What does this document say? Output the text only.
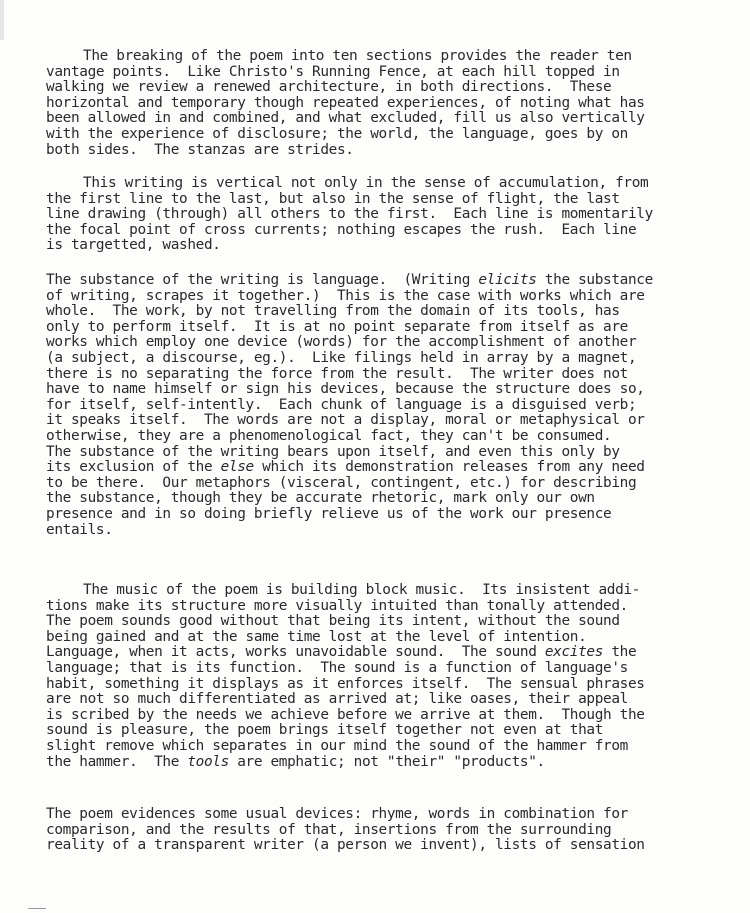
The breaking of the poem into ten sections provides the reader ten
vantage points.  Like Christo's Running Fence, at each hill topped in
walking we review a renewed architecture, in both directions.  These
horizontal and temporary though repeated experiences, of noting what has
been allowed in and combined, and what excluded, fill us also vertically
with the experience of disclosure; the world, the language, goes by on
both sides.  The stanzas are strides.
This writing is vertical not only in the sense of accumulation, from
the first line to the last, but also in the sense of flight, the last
line drawing (through) all others to the first.  Each line is momentarily
the focal point of cross currents; nothing escapes the rush.  Each line
is targetted, washed.
The substance of the writing is language.  (Writing elicits the substance
of writing, scrapes it together.)  This is the case with works which are
whole.  The work, by not travelling from the domain of its tools, has
only to perform itself.  It is at no point separate from itself as are
works which employ one device (words) for the accomplishment of another
(a subject, a discourse, eg.).  Like filings held in array by a magnet,
there is no separating the force from the result.  The writer does not
have to name himself or sign his devices, because the structure does so,
for itself, self-intently.  Each chunk of language is a disguised verb;
it speaks itself.  The words are not a display, moral or metaphysical or
otherwise, they are a phenomenological fact, they can't be consumed.
The substance of the writing bears upon itself, and even this only by
its exclusion of the else which its demonstration releases from any need
to be there.  Our metaphors (visceral, contingent, etc.) for describing
the substance, though they be accurate rhetoric, mark only our own
presence and in so doing briefly relieve us of the work our presence
entails.
The music of the poem is building block music.  Its insistent addi-
tions make its structure more visually intuited than tonally attended.
The poem sounds good without that being its intent, without the sound
being gained and at the same time lost at the level of intention.
Language, when it acts, works unavoidable sound.  The sound excites the
language; that is its function.  The sound is a function of language's
habit, something it displays as it enforces itself.  The sensual phrases
are not so much differentiated as arrived at; like oases, their appeal
is scribed by the needs we achieve before we arrive at them.  Though the
sound is pleasure, the poem brings itself together not even at that
slight remove which separates in our mind the sound of the hammer from
the hammer.  The tools are emphatic; not "their" "products".
The poem evidences some usual devices: rhyme, words in combination for
comparison, and the results of that, insertions from the surrounding
reality of a transparent writer (a person we invent), lists of sensation
